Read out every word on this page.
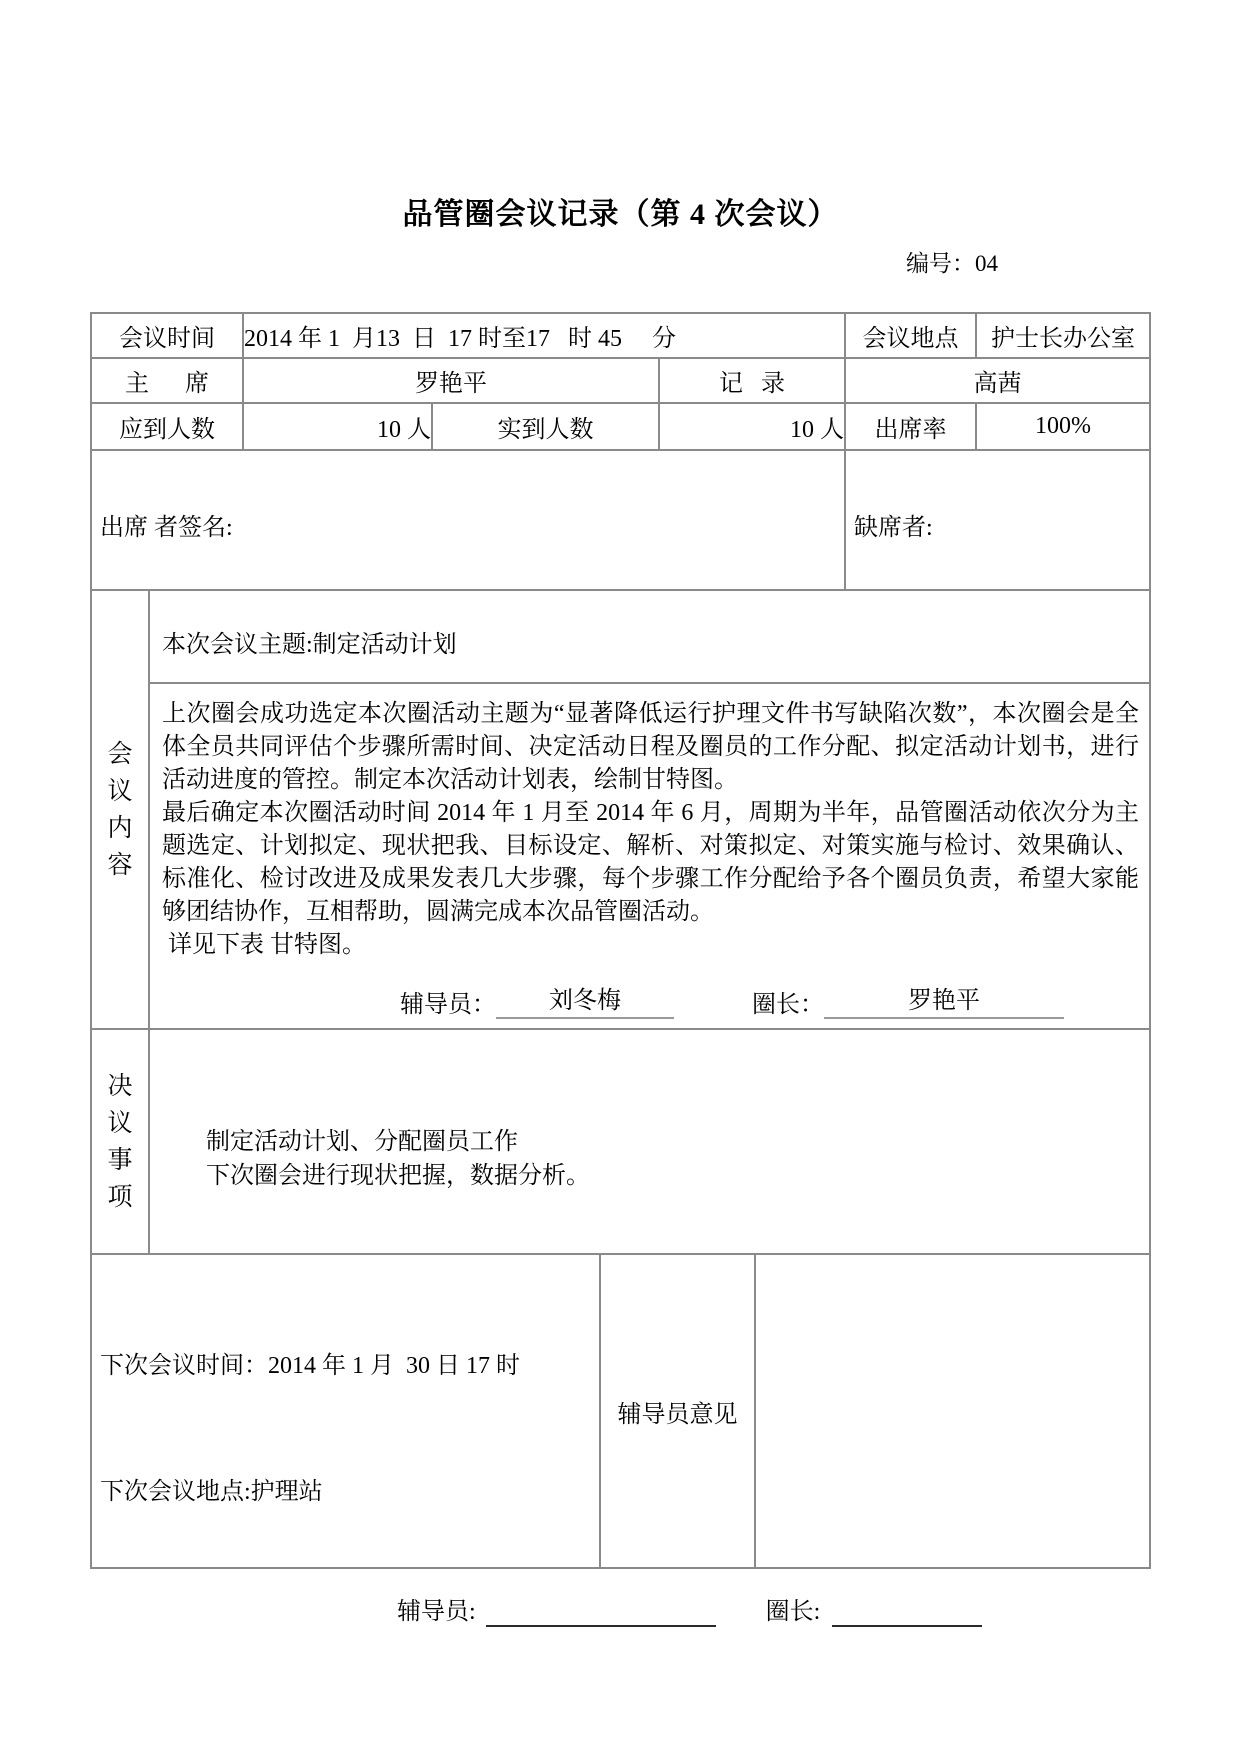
品管圈会议记录（第 4 次会议）
编号：04
会议时间		2014 年 1  月13  日  17 时至17   时 45     分					会议地点	护士长办公室
主      席		罗艳平			记   录		高茜	
应到人数		10 人	实到人数		10 人		出席率	100%

出席 者签名:							缺席者:	

会议内容

本次会议主题:制定活动计划
上次圈会成功选定本次圈活动主题为“显著降低运行护理文件书写缺陷次数”，本次圈会是全
体全员共同评估个步骤所需时间、决定活动日程及圈员的工作分配、拟定活动计划书，进行
活动进度的管控。制定本次活动计划表，绘制甘特图。
最后确定本次圈活动时间 2014 年 1 月至 2014 年 6 月，周期为半年，品管圈活动依次分为主
题选定、计划拟定、现状把我、目标设定、解析、对策拟定、对策实施与检讨、效果确认、
标准化、检讨改进及成果发表几大步骤，每个步骤工作分配给予各个圈员负责，希望大家能
够团结协作，互相帮助，圆满完成本次品管圈活动。
详见下表 甘特图。
辅导员：	刘冬梅	圈长：	罗艳平

决议事项	制定活动计划、分配圈员工作
下次圈会进行现状把握，数据分析。							

下次会议时间：2014 年 1 月  30 日 17 时

下次会议地点:护理站				辅导员意见				
辅导员:	圈长:
